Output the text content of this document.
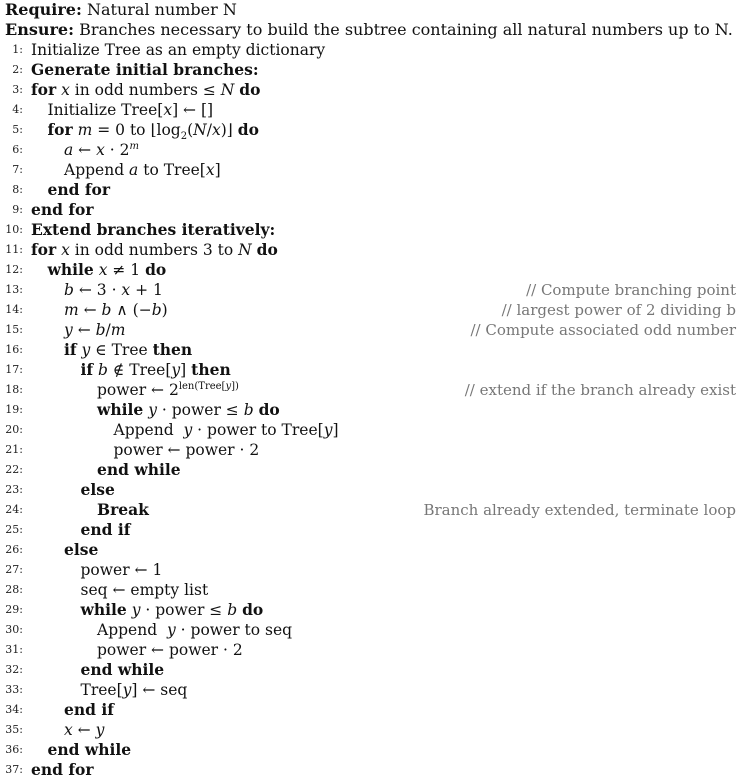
Require: Natural number N
Ensure: Branches necessary to build the subtree containing all natural numbers up to N.
1: Initialize Tree as an empty dictionary
2: Generate initial branches:
3: for x in odd numbers ≤ N do
4: Initialize Tree[x] ← []
5: for m = 0 to $⌊\log_2(N/x)⌋$ do
6:	a ← $x \cdot 2^m$
7:	Append a to Tree[x]
8: end for
9: end for
10: Extend branches iteratively:
11: for x in odd numbers 3 to N do
12: while x ≠ 1 do
13:	b ← 3 · x + 1	// Compute branching point
14:	m ← b ∧ (−b)	// largest power of 2 dividing b
15:	y ← b/m	// Compute associated odd number
16:	if y ∈ Tree then
17:	if b ∉ Tree[y] then
18:	power ← $2^{len(Tree[y])}$	// extend if the branch already exist
19:	while y · power ≤ b do
20:	Append  y · power to Tree[y]
21:	power ← power · 2
22:	end while
23:	else
24:	Break	Branch already extended, terminate loop
25:	end if
26:	else
27:	power ← 1
28:	seq ← empty list
29:	while y · power ≤ b do
30:	Append  y · power to seq
31:	power ← power · 2
32:	end while
33:	Tree[y] ← seq
34:	end if
35:	x ← y
36: end while
37: end for
